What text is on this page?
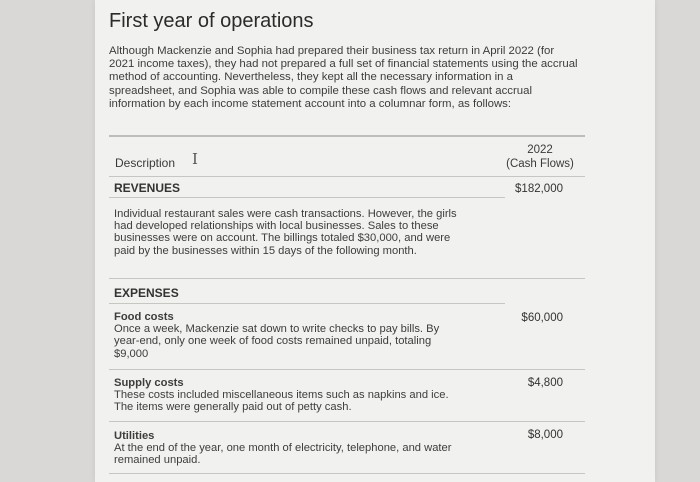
First year of operations
Although Mackenzie and Sophia had prepared their business tax return in April 2022 (for 2021 income taxes), they had not prepared a full set of financial statements using the accrual method of accounting. Nevertheless, they kept all the necessary information in a spreadsheet, and Sophia was able to compile these cash flows and relevant accrual information by each income statement account into a columnar form, as follows:
Description I	2022
(Cash Flows)
REVENUES	$182,000
Individual restaurant sales were cash transactions. However, the girls had developed relationships with local businesses. Sales to these businesses were on account. The billings totaled $30,000, and were paid by the businesses within 15 days of the following month.
EXPENSES
Food costs
Once a week, Mackenzie sat down to write checks to pay bills. By year-end, only one week of food costs remained unpaid, totaling $9,000
$60,000
Supply costs
These costs included miscellaneous items such as napkins and ice. The items were generally paid out of petty cash.
$4,800
Utilities
At the end of the year, one month of electricity, telephone, and water remained unpaid.
$8,000
